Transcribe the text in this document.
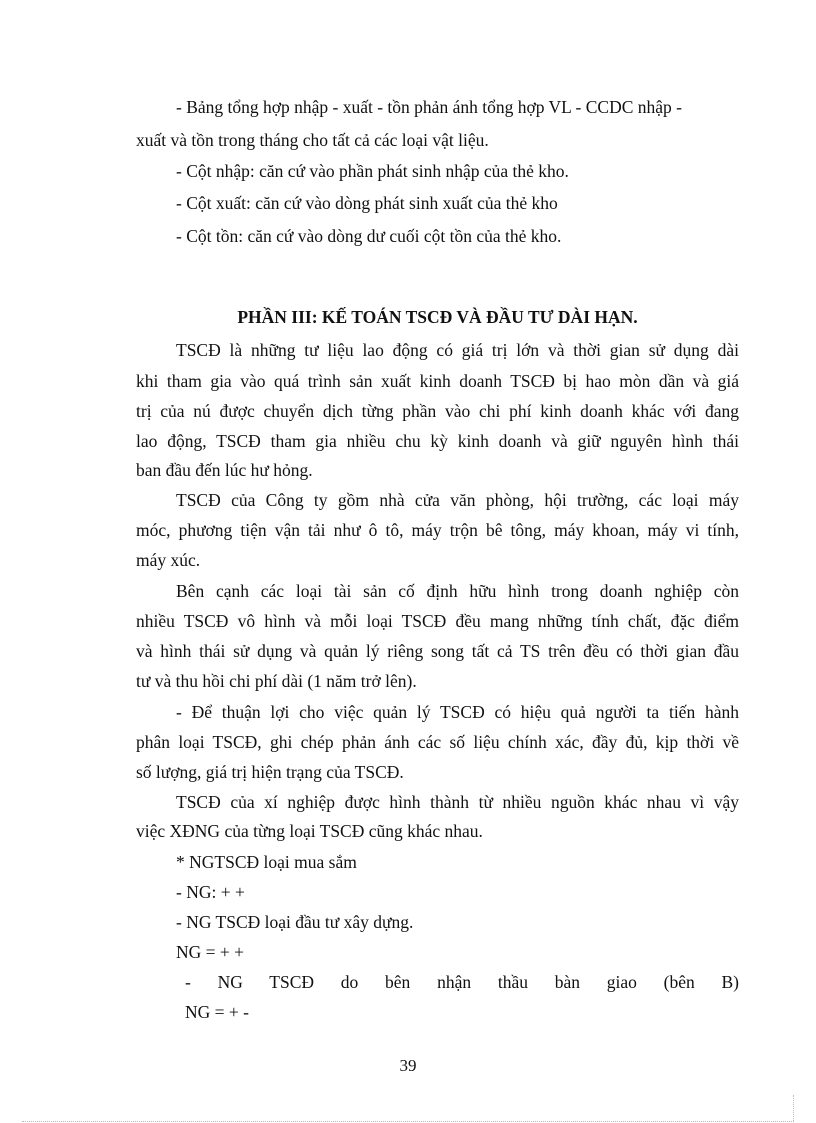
- Bảng tổng hợp nhập - xuất - tồn phản ánh tổng hợp VL - CCDC nhập -
xuất và tồn trong tháng cho tất cả các loại vật liệu.
- Cột nhập: căn cứ vào phần phát sinh nhập của thẻ kho.
- Cột xuất: căn cứ vào dòng phát sinh xuất của thẻ kho
- Cột tồn: căn cứ vào dòng dư cuối cột tồn của thẻ kho.
PHẦN III: KẾ TOÁN TSCĐ VÀ ĐẦU TƯ DÀI HẠN.
TSCĐ là những tư liệu lao động có giá trị lớn và thời gian sử dụng dài
khi tham gia vào quá trình sản xuất kinh doanh TSCĐ bị hao mòn dần và giá
trị của nú được chuyển dịch từng phần vào chi phí kinh doanh khác với đang
lao động, TSCĐ tham gia nhiều chu kỳ kinh doanh và giữ nguyên hình thái
ban đầu đến lúc hư hỏng.
TSCĐ của Công ty gồm nhà cửa văn phòng, hội trường, các loại máy
móc, phương tiện vận tải như ô tô, máy trộn bê tông, máy khoan, máy vi tính,
máy xúc.
Bên cạnh các loại tài sản cố định hữu hình trong doanh nghiệp còn
nhiều TSCĐ vô hình và mỗi loại TSCĐ đều mang những tính chất, đặc điểm
và hình thái sử dụng và quản lý riêng song tất cả TS trên đều có thời gian đầu
tư và thu hồi chi phí dài (1 năm trở lên).
- Để thuận lợi cho việc quản lý TSCĐ có hiệu quả người ta tiến hành
phân loại TSCĐ, ghi chép phản ánh các số liệu chính xác, đầy đủ, kịp thời về
số lượng, giá trị hiện trạng của TSCĐ.
TSCĐ của xí nghiệp được hình thành từ nhiều nguồn khác nhau vì vậy
việc XĐNG của từng loại TSCĐ cũng khác nhau.
* NGTSCĐ loại mua sắm
- NG: + +
- NG TSCĐ loại đầu tư xây dựng.
NG = + +
- NG TSCĐ do bên nhận thầu bàn giao (bên B)
NG = + -
39
